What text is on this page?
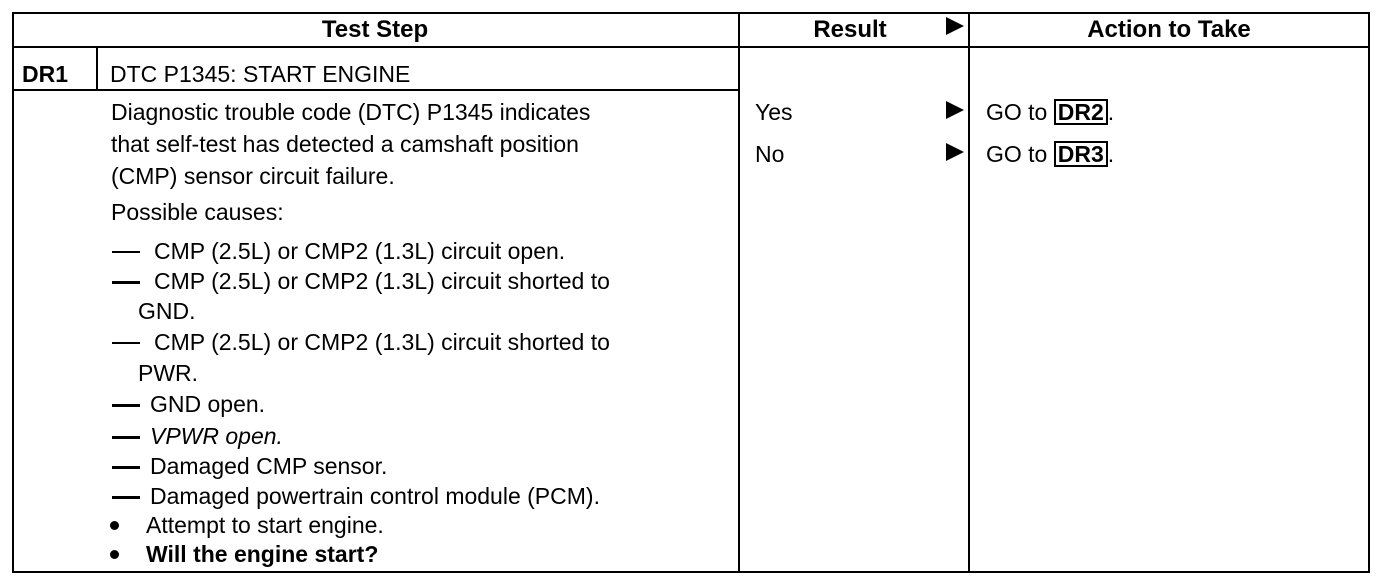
Test Step	Result	Action to Take
DR1 DTC P1345: START ENGINE
Diagnostic trouble code (DTC) P1345 indicates
that self-test has detected a camshaft position
(CMP) sensor circuit failure.
Possible causes:
CMP (2.5L) or CMP2 (1.3L) circuit open.
CMP (2.5L) or CMP2 (1.3L) circuit shorted to
GND.
CMP (2.5L) or CMP2 (1.3L) circuit shorted to
PWR.
GND open.
VPWR open.
Damaged CMP sensor.
Damaged powertrain control module (PCM).
Attempt to start engine.
Will the engine start?
Yes	GO to DR2 .
No	GO to DR3 .
